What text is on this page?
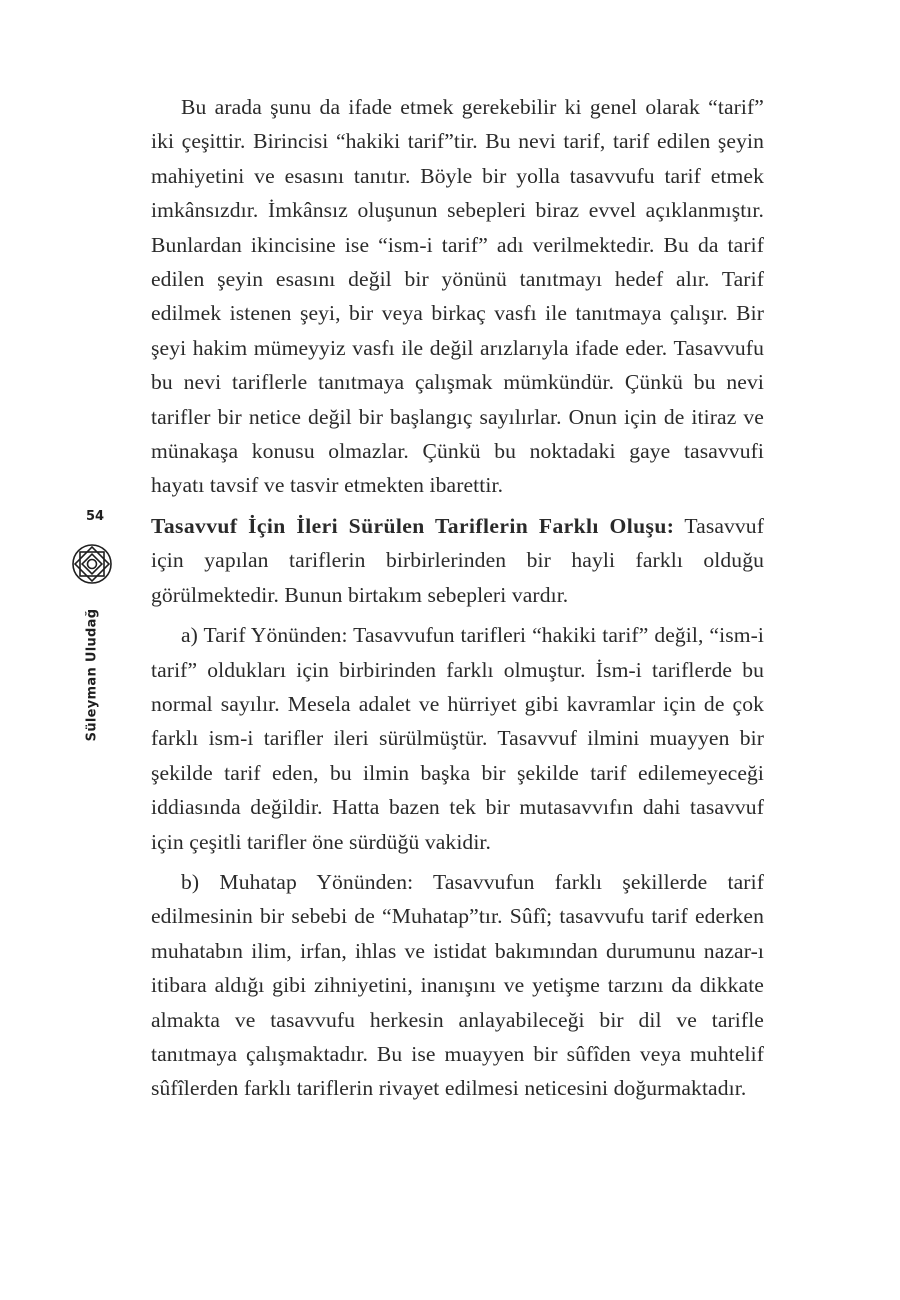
54
Süleyman Uludağ

Bu arada şunu da ifade etmek gerekebilir ki genel olarak “tarif” iki çeşittir. Birincisi “hakiki tarif”tir. Bu nevi tarif, tarif edilen şeyin mahiyetini ve esasını tanıtır. Böyle bir yolla tasavvufu tarif etmek imkânsızdır. İmkânsız oluşunun sebepleri biraz evvel açıklanmıştır. Bunlardan ikincisine ise “ism-i tarif” adı verilmektedir. Bu da tarif edilen şeyin esasını değil bir yönünü tanıtmayı hedef alır. Tarif edilmek istenen şeyi, bir veya birkaç vasfı ile tanıtmaya çalışır. Bir şeyi hakim mümeyyiz vasfı ile değil arızlarıyla ifade eder. Tasavvufu bu nevi tariflerle tanıtmaya çalışmak mümkündür. Çünkü bu nevi tarifler bir netice değil bir başlangıç sayılırlar. Onun için de itiraz ve münakaşa konusu olmazlar. Çünkü bu noktadaki gaye tasavvufi hayatı tavsif ve tasvir etmekten ibarettir.

Tasavvuf İçin İleri Sürülen Tariflerin Farklı Oluşu: Tasavvuf için yapılan tariflerin birbirlerinden bir hayli farklı olduğu görülmektedir. Bunun birtakım sebepleri vardır.

a) Tarif Yönünden: Tasavvufun tarifleri “hakiki tarif” değil, “ism-i tarif” oldukları için birbirinden farklı olmuştur. İsm-i tariflerde bu normal sayılır. Mesela adalet ve hürriyet gibi kavramlar için de çok farklı ism-i tarifler ileri sürülmüştür. Tasavvuf ilmini muayyen bir şekilde tarif eden, bu ilmin başka bir şekilde tarif edilemeyeceği iddiasında değildir. Hatta bazen tek bir mutasavvıfın dahi tasavvuf için çeşitli tarifler öne sürdüğü vakidir.

b) Muhatap Yönünden: Tasavvufun farklı şekillerde tarif edilmesinin bir sebebi de “Muhatap”tır. Sûfî; tasavvufu tarif ederken muhatabın ilim, irfan, ihlas ve istidat bakımından durumunu nazar-ı itibara aldığı gibi zihniyetini, inanışını ve yetişme tarzını da dikkate almakta ve tasavvufu herkesin anlayabileceği bir dil ve tarifle tanıtmaya çalışmaktadır. Bu ise muayyen bir sûfîden veya muhtelif sûfîlerden farklı tariflerin rivayet edilmesi neticesini doğurmaktadır.
